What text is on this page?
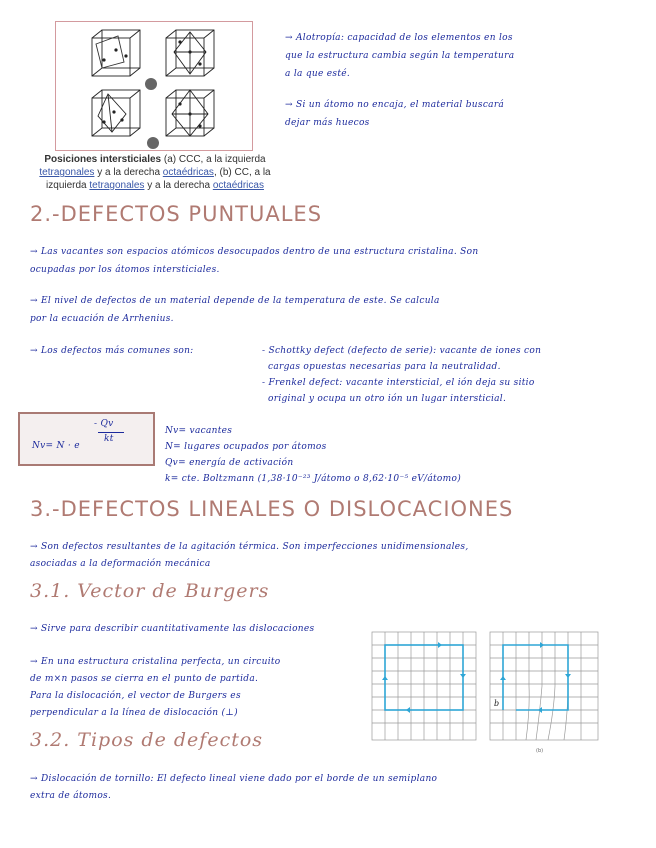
Posiciones intersticiales (a) CCC, a la izquierda
tetragonales y a la derecha octaédricas, (b) CC, a la
izquierda tetragonales y a la derecha octaédricas
→ Alotropía: capacidad de los elementos en los
que la estructura cambia según la temperatura
a la que esté.
→ Si un átomo no encaja, el material buscará
dejar más huecos
2.-DEFECTOS PUNTUALES
→ Las vacantes son espacios atómicos desocupados dentro de una estructura cristalina. Son
ocupadas por los átomos intersticiales.
→ El nivel de defectos de un material depende de la temperatura de este. Se calcula
por la ecuación de Arrhenius.
→ Los defectos más comunes son:	- Schottky defect (defecto de serie): vacante de iones con
cargas opuestas necesarias para la neutralidad.
- Frenkel defect: vacante intersticial, el ión deja su sitio
original y ocupa un otro ión un lugar intersticial.
Nv= N · e
- Qv
kt
Nv= vacantes
N= lugares ocupados por átomos
Qv= energía de activación
k= cte. Boltzmann (1,38·10⁻²³ J/átomo o 8,62·10⁻⁵ eV/átomo)
3.-DEFECTOS LINEALES O DISLOCACIONES
→ Son defectos resultantes de la agitación térmica. Son imperfecciones unidimensionales,
asociadas a la deformación mecánica
3.1. Vector de Burgers
→ Sirve para describir cuantitativamente las dislocaciones
→ En una estructura cristalina perfecta, un circuito
de m×n pasos se cierra en el punto de partida.
Para la dislocación, el vector de Burgers es
perpendicular a la línea de dislocación (⊥)
b
(b)
3.2. Tipos de defectos
→ Dislocación de tornillo: El defecto lineal viene dado por el borde de un semiplano
extra de átomos.
